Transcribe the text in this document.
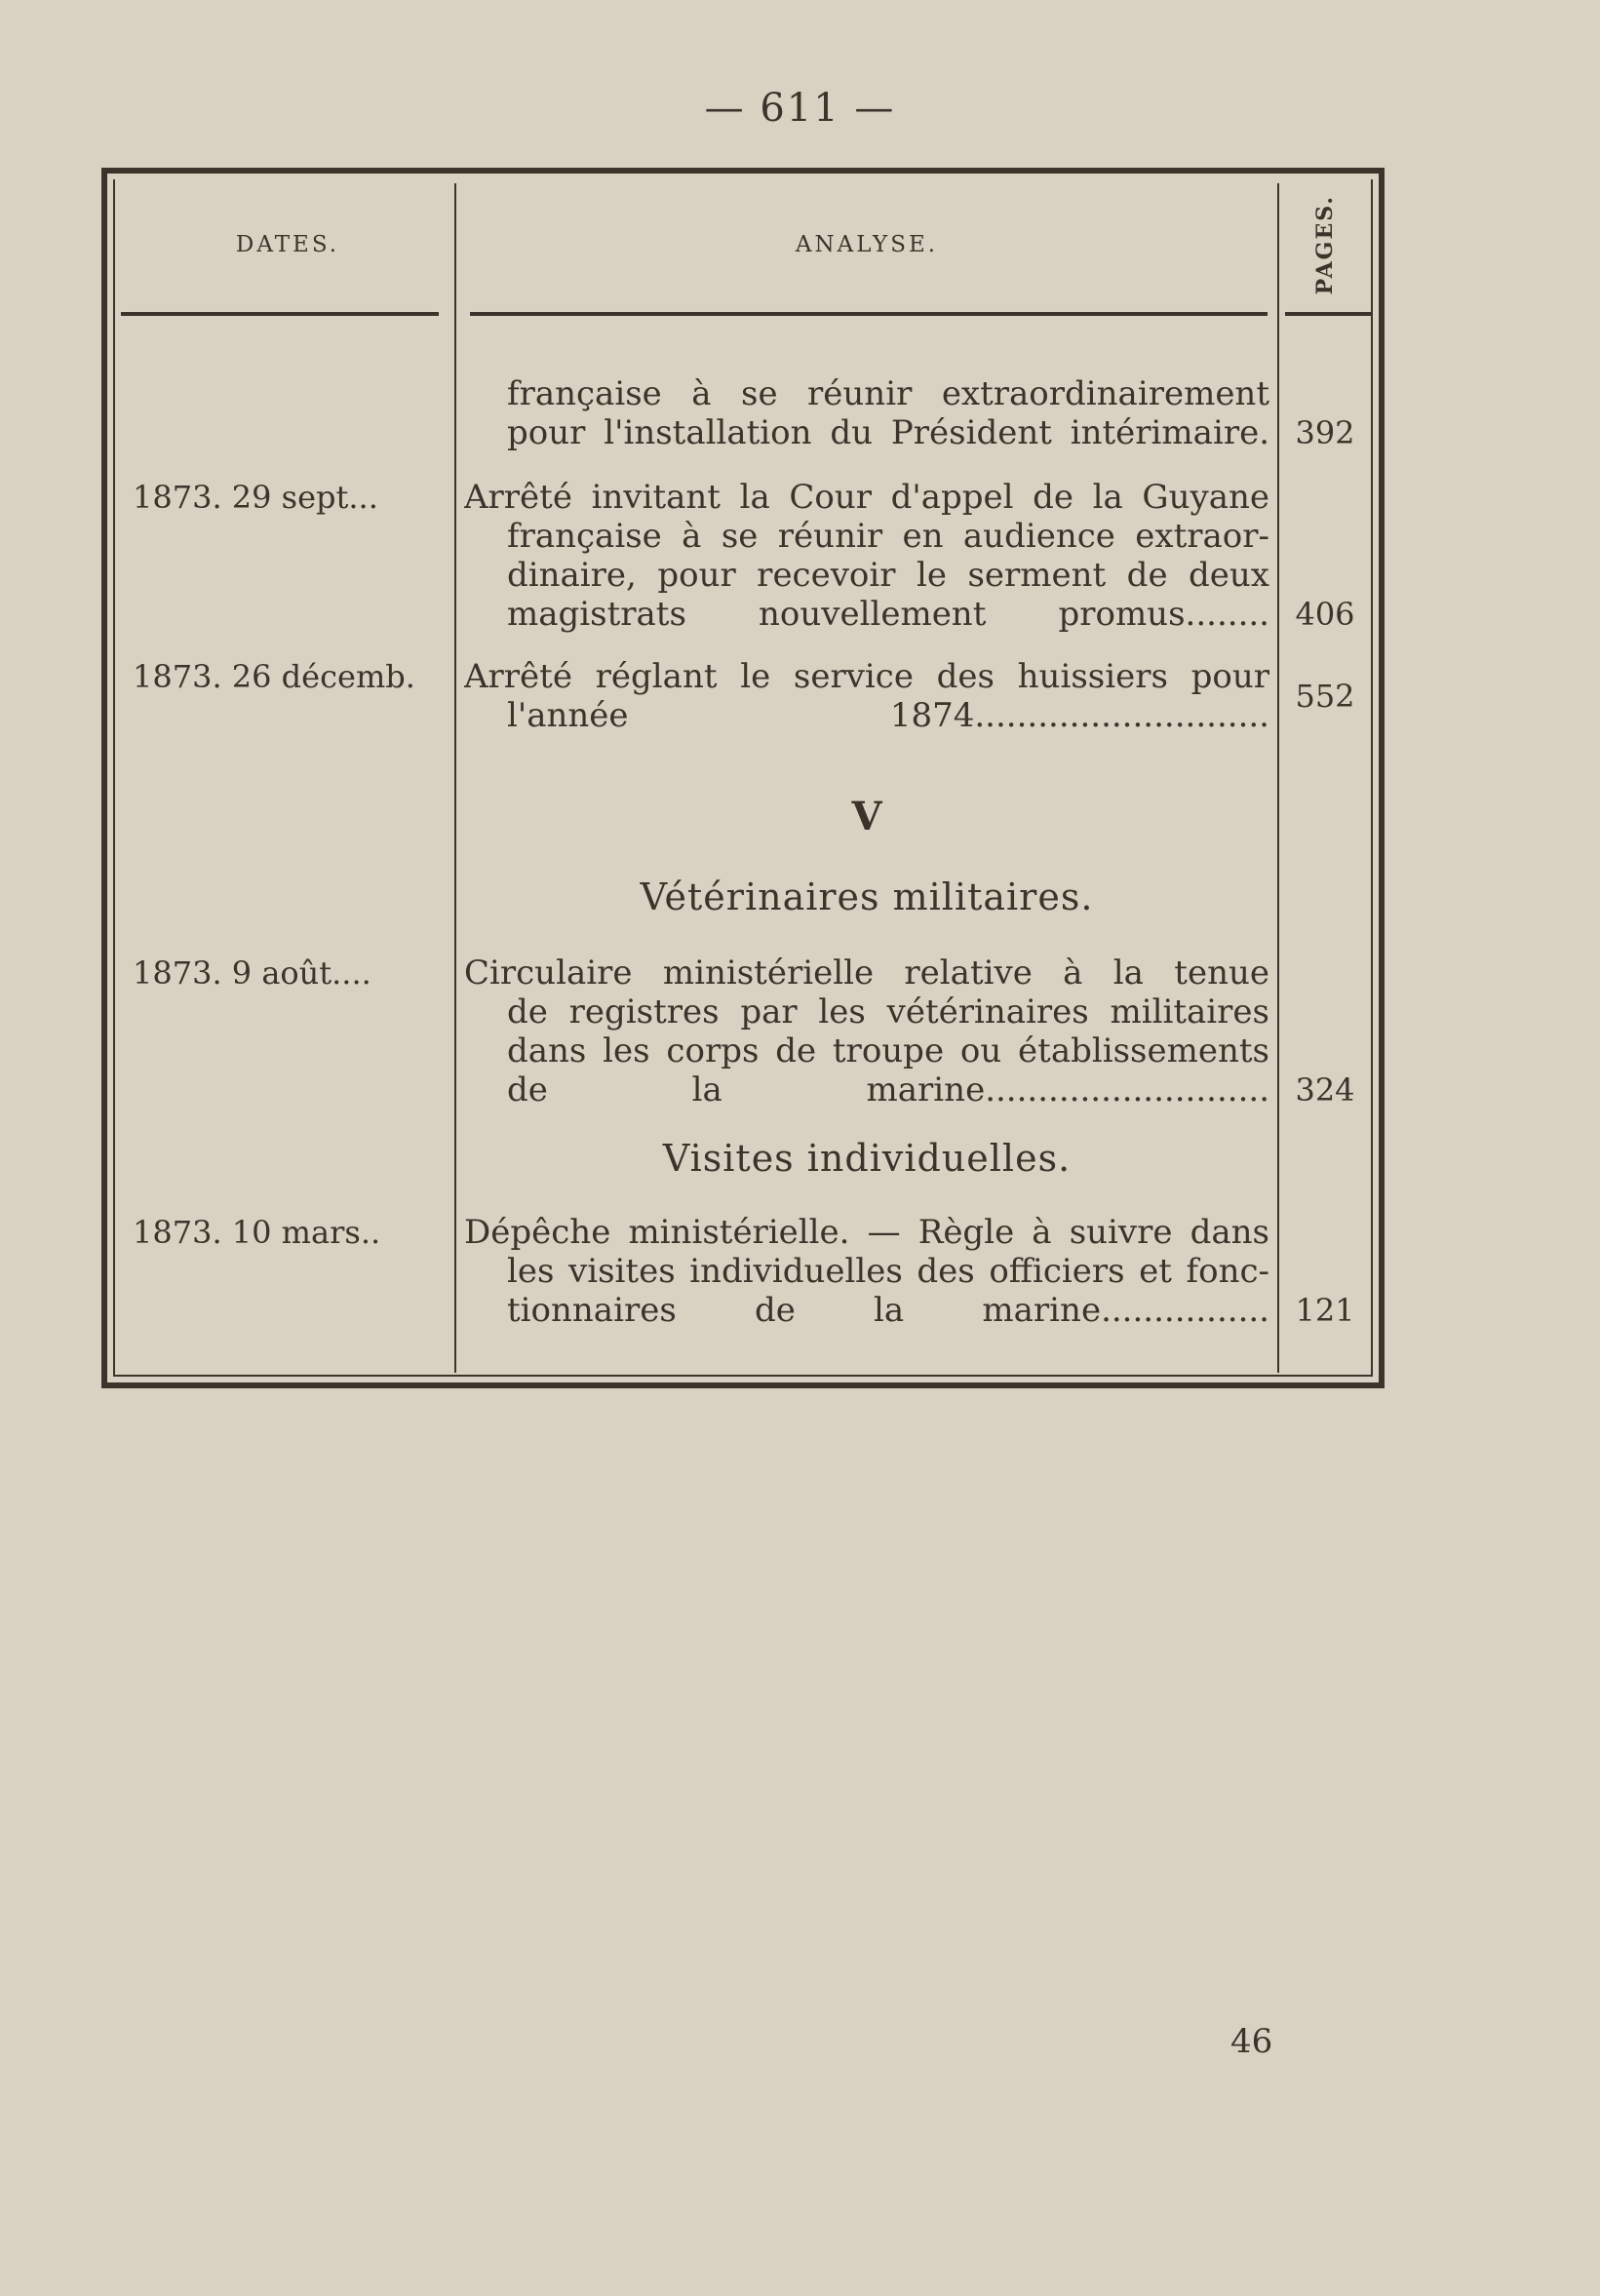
— 611 —
DATES.	ANALYSE.	PAGES.
française à se réunir extraordinairement
pour l'installation du Président intérimaire. 392
1873. 29 sept...	Arrêté invitant la Cour d'appel de la Guyane
française à se réunir en audience extraor-
dinaire, pour recevoir le serment de deux
magistrats nouvellement promus........ 406
1873. 26 décemb.	Arrêté réglant le service des huissiers pour
l'année 1874............................ 552
V
Vétérinaires militaires.
1873. 9 août....	Circulaire ministérielle relative à la tenue
de registres par les vétérinaires militaires
dans les corps de troupe ou établissements
de la marine........................... 324
Visites individuelles.
1873. 10 mars..	Dépêche ministérielle. — Règle à suivre dans
les visites individuelles des officiers et fonc-
tionnaires de la marine................ 121
46
